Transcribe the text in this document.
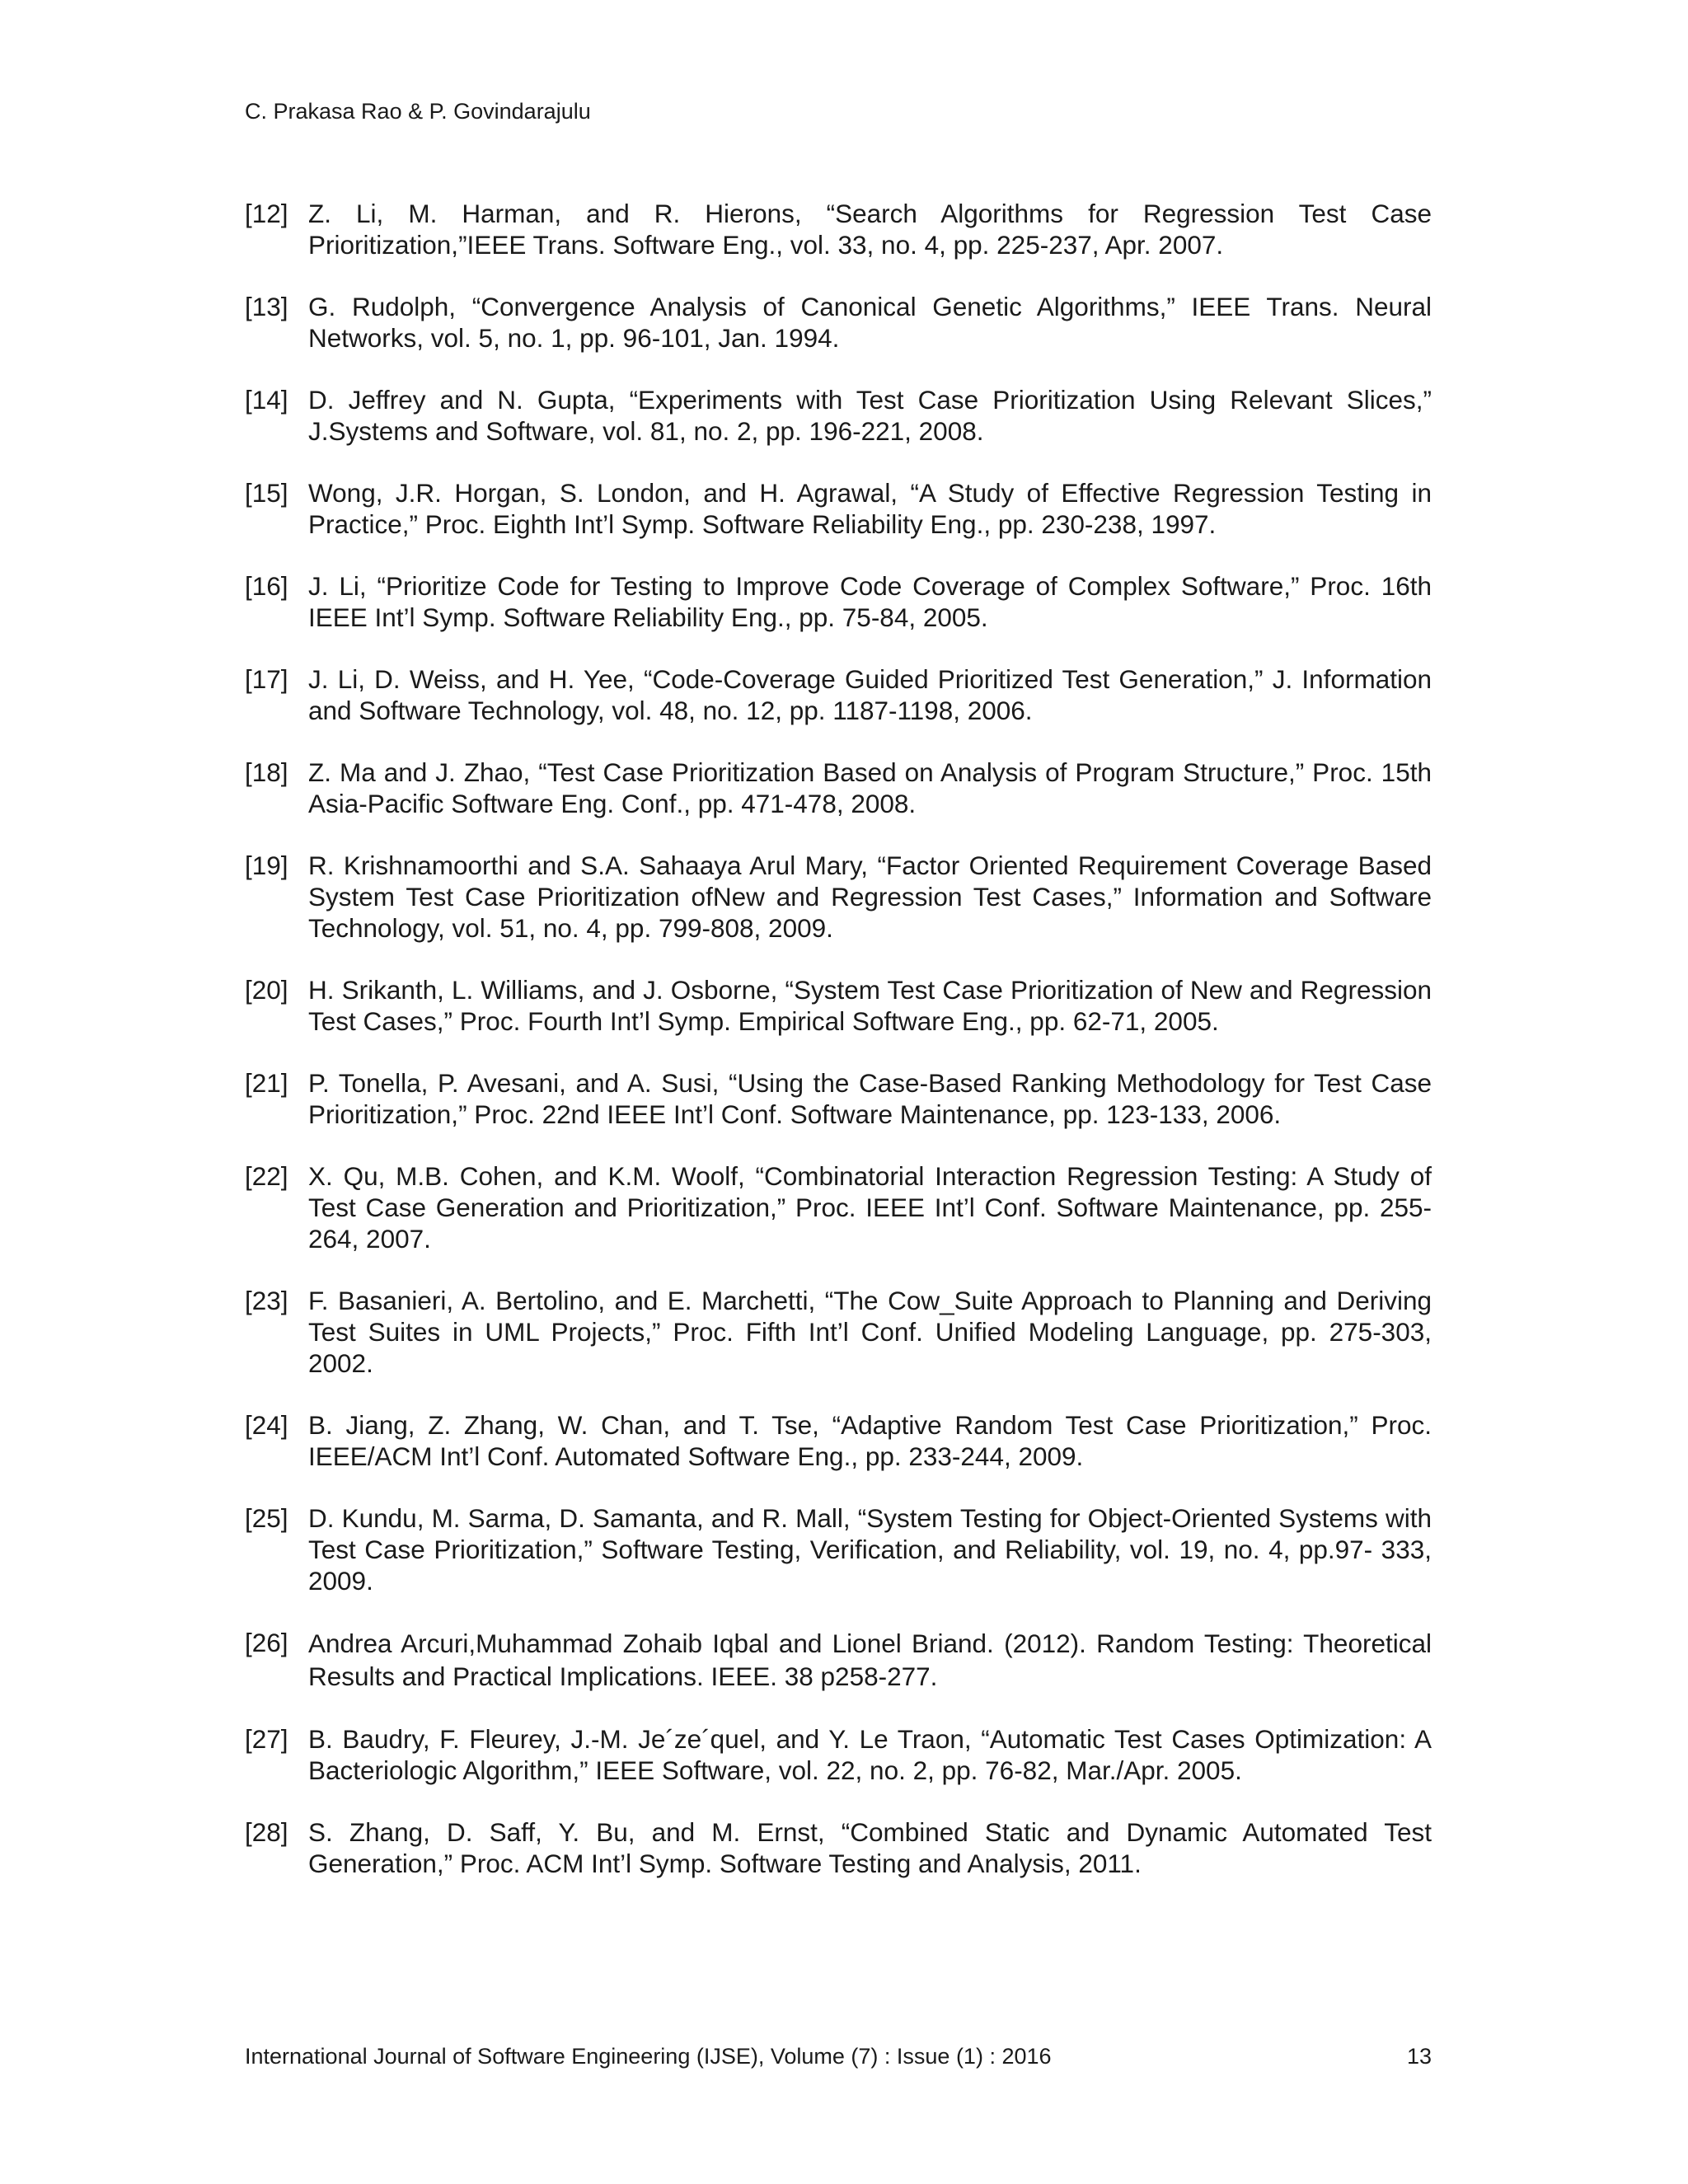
C. Prakasa Rao & P. Govindarajulu
[12] Z. Li, M. Harman, and R. Hierons, “Search Algorithms for Regression Test Case Prioritization,”IEEE Trans. Software Eng., vol. 33, no. 4, pp. 225-237, Apr. 2007.
[13] G. Rudolph, “Convergence Analysis of Canonical Genetic Algorithms,” IEEE Trans. Neural Networks, vol. 5, no. 1, pp. 96-101, Jan. 1994.
[14] D. Jeffrey and N. Gupta, “Experiments with Test Case Prioritization Using Relevant Slices,” J.Systems and Software, vol. 81, no. 2, pp. 196-221, 2008.
[15] Wong, J.R. Horgan, S. London, and H. Agrawal, “A Study of Effective Regression Testing in Practice,” Proc. Eighth Int’l Symp. Software Reliability Eng., pp. 230-238, 1997.
[16] J. Li, “Prioritize Code for Testing to Improve Code Coverage of Complex Software,” Proc. 16th IEEE Int’l Symp. Software Reliability Eng., pp. 75-84, 2005.
[17] J. Li, D. Weiss, and H. Yee, “Code-Coverage Guided Prioritized Test Generation,” J. Information and Software Technology, vol. 48, no. 12, pp. 1187-1198, 2006.
[18] Z. Ma and J. Zhao, “Test Case Prioritization Based on Analysis of Program Structure,” Proc. 15th Asia-Pacific Software Eng. Conf., pp. 471-478, 2008.
[19] R. Krishnamoorthi and S.A. Sahaaya Arul Mary, “Factor Oriented Requirement Coverage Based System Test Case Prioritization ofNew and Regression Test Cases,” Information and Software Technology, vol. 51, no. 4, pp. 799-808, 2009.
[20] H. Srikanth, L. Williams, and J. Osborne, “System Test Case Prioritization of New and Regression Test Cases,” Proc. Fourth Int’l Symp. Empirical Software Eng., pp. 62-71, 2005.
[21] P. Tonella, P. Avesani, and A. Susi, “Using the Case-Based Ranking Methodology for Test Case Prioritization,” Proc. 22nd IEEE Int’l Conf. Software Maintenance, pp. 123-133, 2006.
[22] X. Qu, M.B. Cohen, and K.M. Woolf, “Combinatorial Interaction Regression Testing: A Study of Test Case Generation and Prioritization,” Proc. IEEE Int’l Conf. Software Maintenance, pp. 255-264, 2007.
[23] F. Basanieri, A. Bertolino, and E. Marchetti, “The Cow_Suite Approach to Planning and Deriving Test Suites in UML Projects,” Proc. Fifth Int’l Conf. Unified Modeling Language, pp. 275-303, 2002.
[24] B. Jiang, Z. Zhang, W. Chan, and T. Tse, “Adaptive Random Test Case Prioritization,” Proc. IEEE/ACM Int’l Conf. Automated Software Eng., pp. 233-244, 2009.
[25] D. Kundu, M. Sarma, D. Samanta, and R. Mall, “System Testing for Object-Oriented Systems with Test Case Prioritization,” Software Testing, Verification, and Reliability, vol. 19, no. 4, pp.97- 333, 2009.
[26] Andrea Arcuri,Muhammad Zohaib Iqbal and Lionel Briand. (2012). Random Testing: Theoretical Results and Practical Implications. IEEE. 38 p258-277.
[27] B. Baudry, F. Fleurey, J.-M. Je´ze´quel, and Y. Le Traon, “Automatic Test Cases Optimization: A Bacteriologic Algorithm,” IEEE Software, vol. 22, no. 2, pp. 76-82, Mar./Apr. 2005.
[28] S. Zhang, D. Saff, Y. Bu, and M. Ernst, “Combined Static and Dynamic Automated Test Generation,” Proc. ACM Int’l Symp. Software Testing and Analysis, 2011.
International Journal of Software Engineering (IJSE), Volume (7) : Issue (1) : 2016	13
